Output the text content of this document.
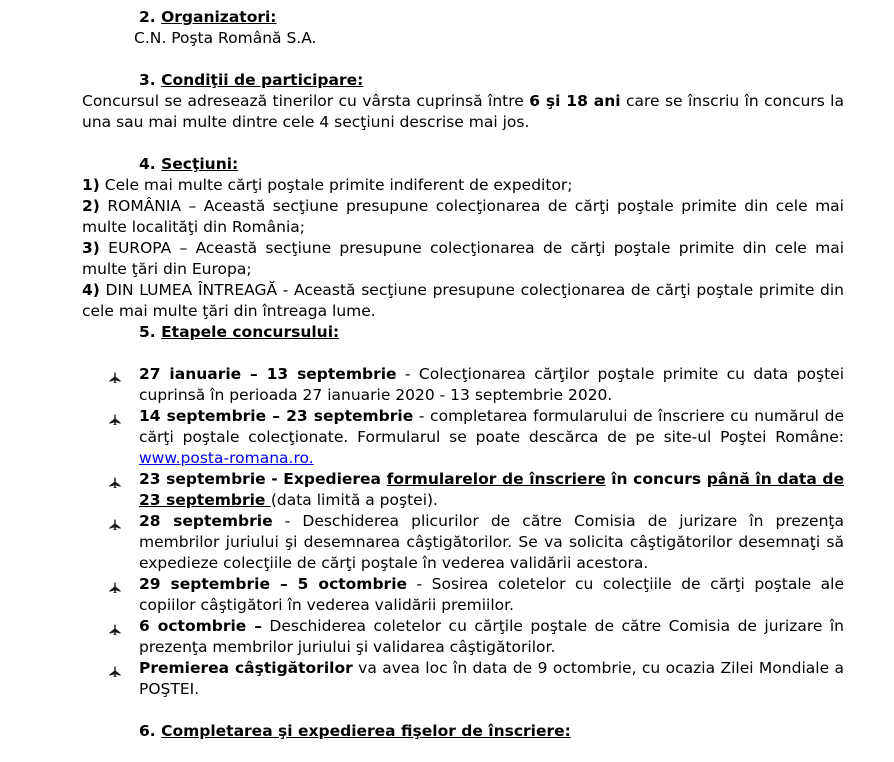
2. Organizatori:
C.N. Poşta Română S.A.
3. Condiţii de participare:
Concursul se adresează tinerilor cu vârsta cuprinsă între 6 şi 18 ani care se înscriu în concurs la una sau mai multe dintre cele 4 secţiuni descrise mai jos.
4. Secţiuni:
1) Cele mai multe cărţi poştale primite indiferent de expeditor;
2) ROMÂNIA – Această secţiune presupune colecţionarea de cărţi poştale primite din cele mai multe localităţi din România;
3) EUROPA – Această secţiune presupune colecţionarea de cărţi poştale primite din cele mai multe ţări din Europa;
4) DIN LUMEA ÎNTREAGĂ - Această secţiune presupune colecţionarea de cărţi poştale primite din cele mai multe ţări din întreaga lume.
5. Etapele concursului:
27 ianuarie – 13 septembrie - Colecţionarea cărţilor poştale primite cu data poştei cuprinsă în perioada 27 ianuarie 2020 - 13 septembrie 2020.
14 septembrie – 23 septembrie - completarea formularului de înscriere cu numărul de cărţi poştale colecţionate. Formularul se poate descărca de pe site-ul Poştei Române: www.posta-romana.ro.
23 septembrie - Expedierea formularelor de înscriere în concurs până în data de 23 septembrie (data limită a poştei).
28 septembrie - Deschiderea plicurilor de către Comisia de jurizare în prezenţa membrilor juriului şi desemnarea câştigătorilor. Se va solicita câştigătorilor desemnaţi să expedieze colecţiile de cărţi poştale în vederea validării acestora.
29 septembrie – 5 octombrie - Sosirea coletelor cu colecţiile de cărţi poştale ale copiilor câştigători în vederea validării premiilor.
6 octombrie – Deschiderea coletelor cu cărţile poştale de către Comisia de jurizare în prezenţa membrilor juriului şi validarea câştigătorilor.
Premierea câştigătorilor va avea loc în data de 9 octombrie, cu ocazia Zilei Mondiale a POŞTEI.
6. Completarea şi expedierea fişelor de înscriere:
